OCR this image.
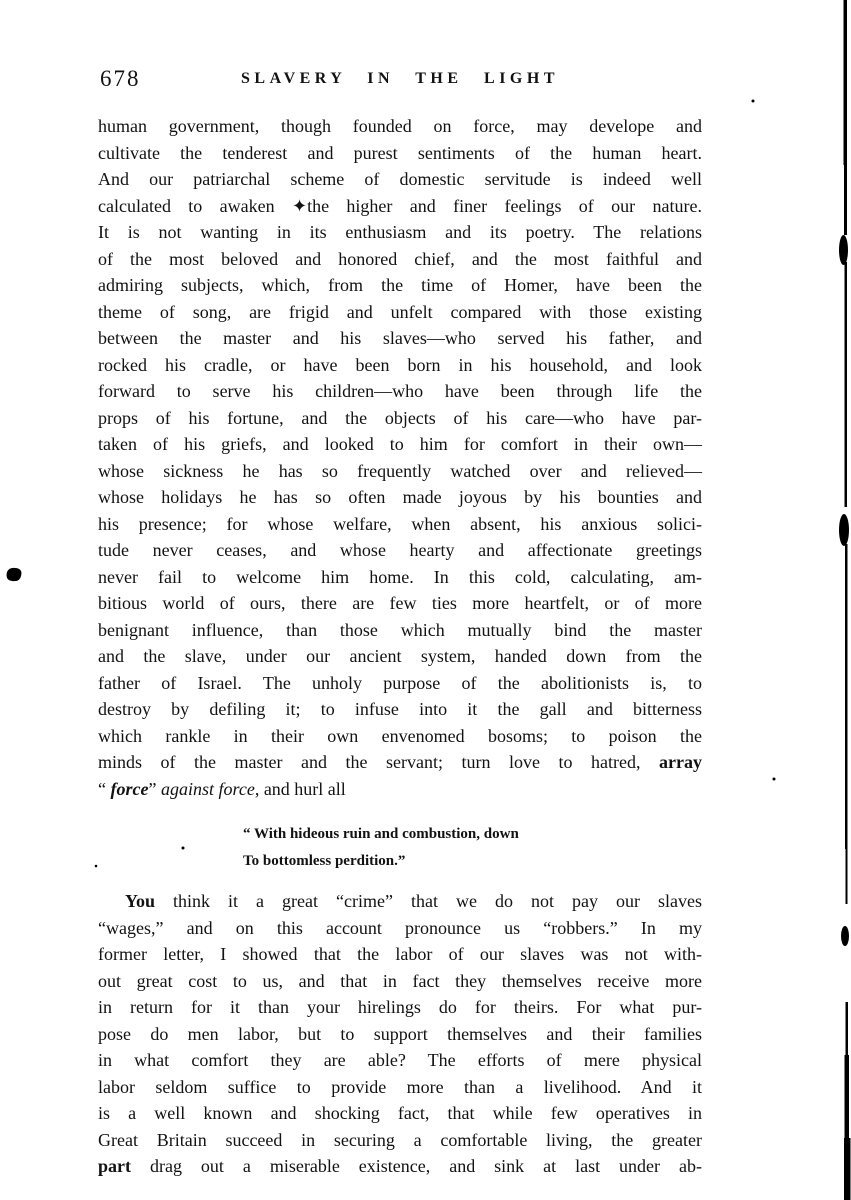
678	SLAVERY IN THE LIGHT
human government, though founded on force, may develope and
cultivate the tenderest and purest sentiments of the human heart.
And our patriarchal scheme of domestic servitude is indeed well
calculated to awaken ✦the higher and finer feelings of our nature.
It is not wanting in its enthusiasm and its poetry. The relations
of the most beloved and honored chief, and the most faithful and
admiring subjects, which, from the time of Homer, have been the
theme of song, are frigid and unfelt compared with those existing
between the master and his slaves—who served his father, and
rocked his cradle, or have been born in his household, and look
forward to serve his children—who have been through life the
props of his fortune, and the objects of his care—who have par-
taken of his griefs, and looked to him for comfort in their own—
whose sickness he has so frequently watched over and relieved—
whose holidays he has so often made joyous by his bounties and
his presence; for whose welfare, when absent, his anxious solici-
tude never ceases, and whose hearty and affectionate greetings
never fail to welcome him home. In this cold, calculating, am-
bitious world of ours, there are few ties more heartfelt, or of more
benignant influence, than those which mutually bind the master
and the slave, under our ancient system, handed down from the
father of Israel. The unholy purpose of the abolitionists is, to
destroy by defiling it; to infuse into it the gall and bitterness
which rankle in their own envenomed bosoms; to poison the
minds of the master and the servant; turn love to hatred, array
“ force” against force, and hurl all
“ With hideous ruin and combustion, down
To bottomless perdition.”
You think it a great “crime” that we do not pay our slaves
“wages,” and on this account pronounce us “robbers.” In my
former letter, I showed that the labor of our slaves was not with-
out great cost to us, and that in fact they themselves receive more
in return for it than your hirelings do for theirs. For what pur-
pose do men labor, but to support themselves and their families
in what comfort they are able? The efforts of mere physical
labor seldom suffice to provide more than a livelihood. And it
is a well known and shocking fact, that while few operatives in
Great Britain succeed in securing a comfortable living, the greater
part drag out a miserable existence, and sink at last under ab-
